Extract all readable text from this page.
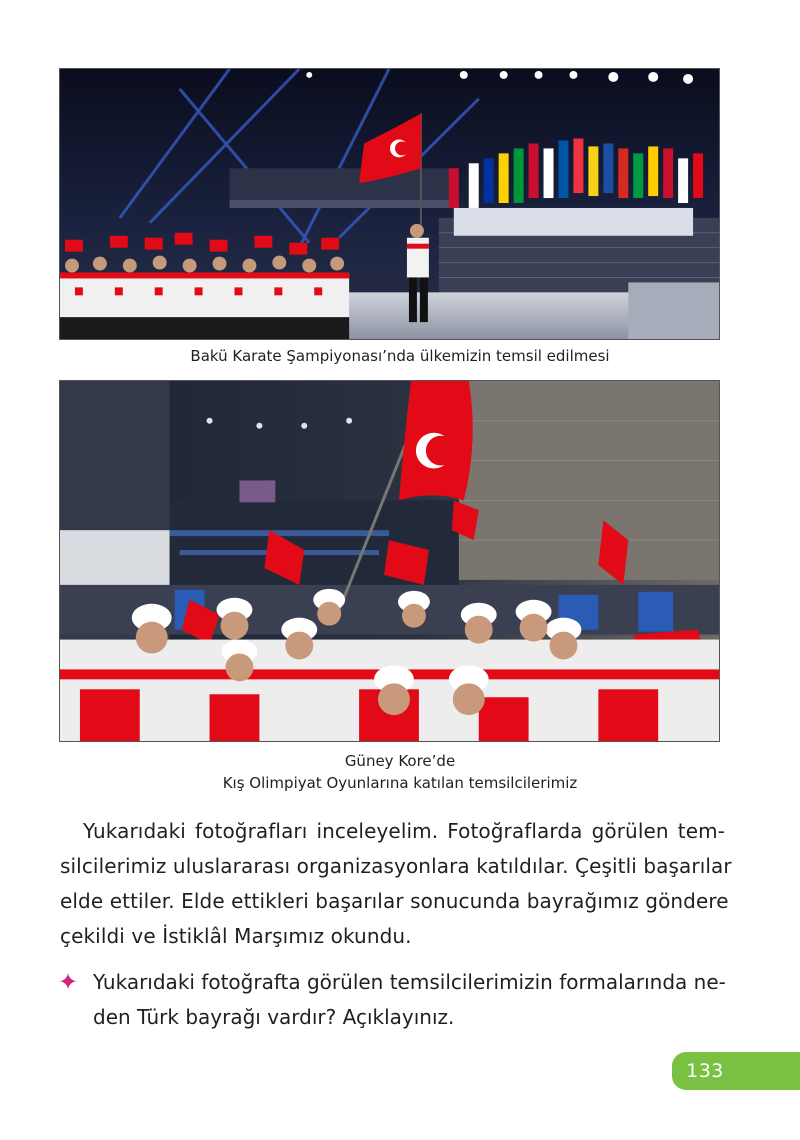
Bakü Karate Şampiyonası’nda ülkemizin temsil edilmesi
Güney Kore’de
Kış Olimpiyat Oyunlarına katılan temsilcilerimiz
Yukarıdaki fotoğrafları inceleyelim. Fotoğraflarda görülen tem-
silcilerimiz uluslararası organizasyonlara katıldılar. Çeşitli başarılar
elde ettiler. Elde ettikleri başarılar sonucunda bayrağımız göndere
çekildi ve İstiklâl Marşımız okundu.
✦ Yukarıdaki fotoğrafta görülen temsilcilerimizin formalarında ne-
den Türk bayrağı vardır? Açıklayınız.
133
